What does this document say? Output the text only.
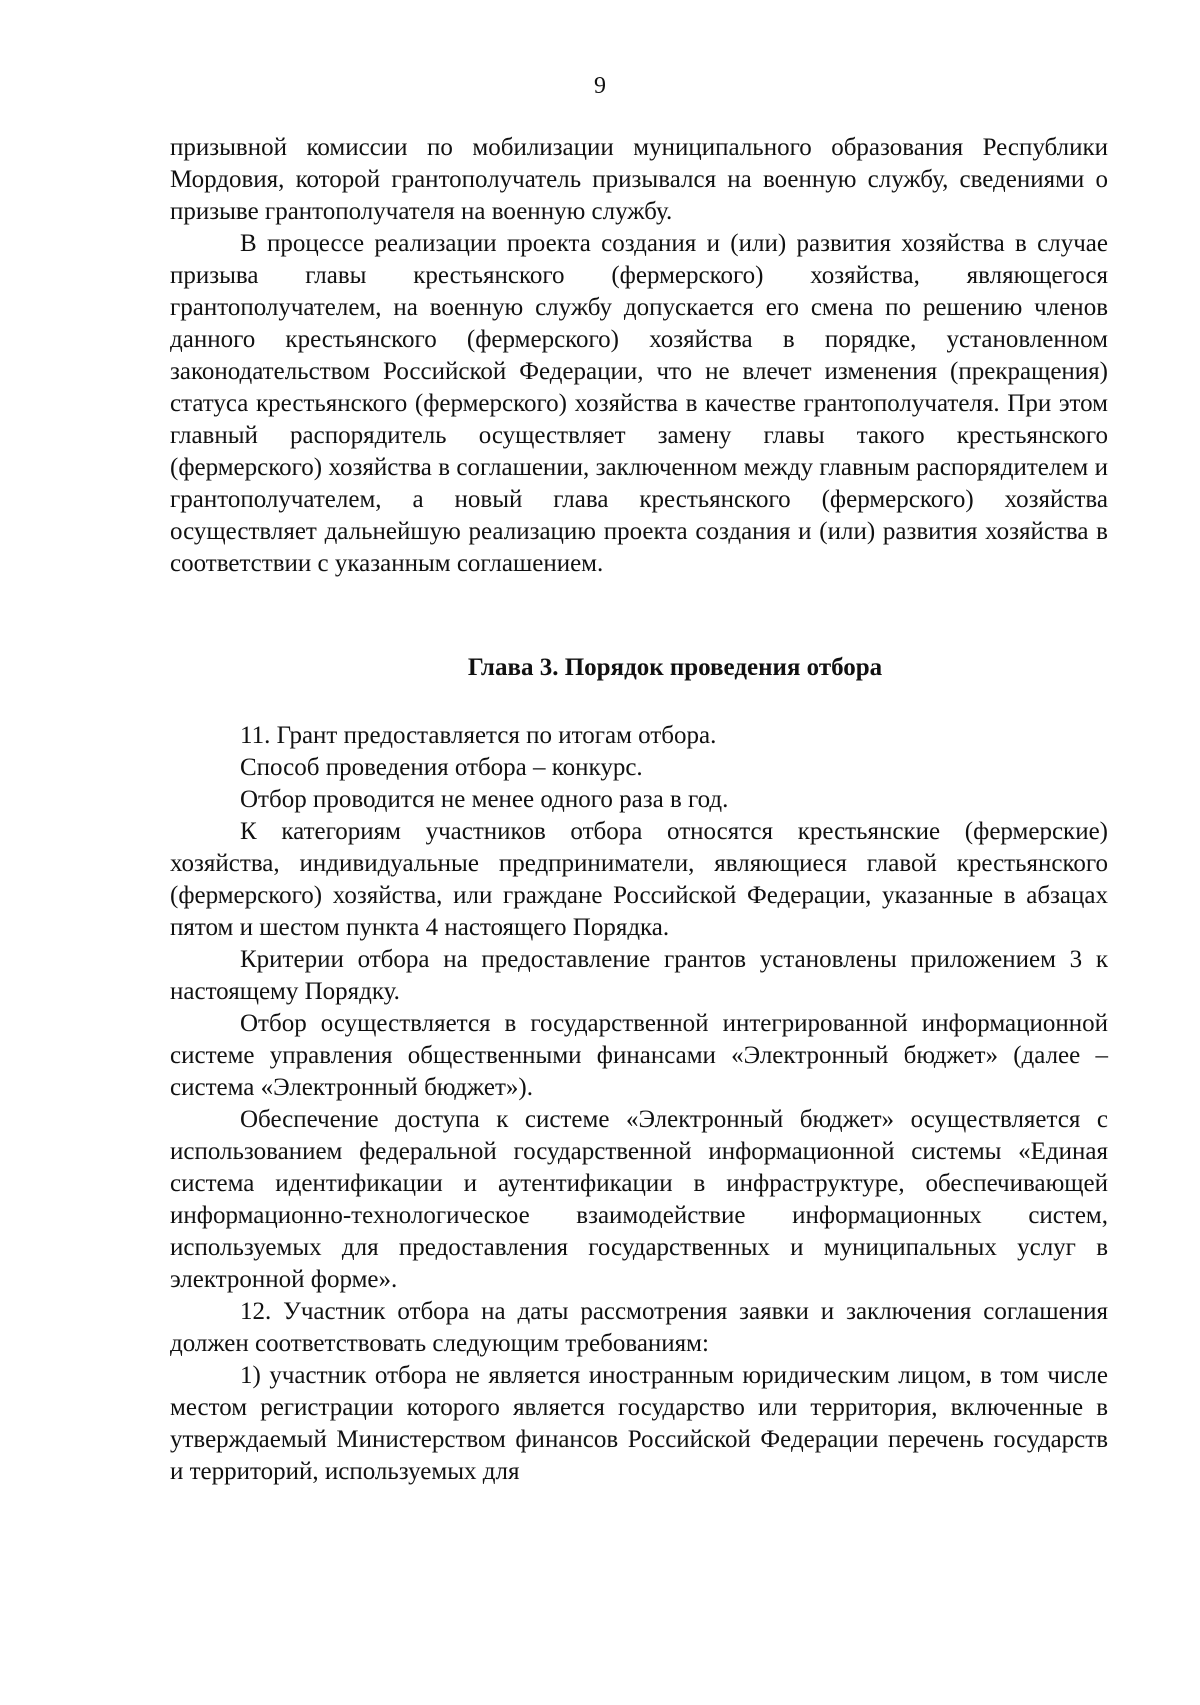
9

призывной комиссии по мобилизации муниципального образования Республики Мордовия, которой грантополучатель призывался на военную службу, сведениями о призыве грантополучателя на военную службу.

В процессе реализации проекта создания и (или) развития хозяйства в случае призыва главы крестьянского (фермерского) хозяйства, являющегося грантополучателем, на военную службу допускается его смена по решению членов данного крестьянского (фермерского) хозяйства в порядке, установленном законодательством Российской Федерации, что не влечет изменения (прекращения) статуса крестьянского (фермерского) хозяйства в качестве грантополучателя. При этом главный распорядитель осуществляет замену главы такого крестьянского (фермерского) хозяйства в соглашении, заключенном между главным распорядителем и грантополучателем, а новый глава крестьянского (фермерского) хозяйства осуществляет дальнейшую реализацию проекта создания и (или) развития хозяйства в соответствии с указанным соглашением.

Глава 3. Порядок проведения отбора

11. Грант предоставляется по итогам отбора.

Способ проведения отбора – конкурс.

Отбор проводится не менее одного раза в год.

К категориям участников отбора относятся крестьянские (фермерские) хозяйства, индивидуальные предприниматели, являющиеся главой крестьянского (фермерского) хозяйства, или граждане Российской Федерации, указанные в абзацах пятом и шестом пункта 4 настоящего Порядка.

Критерии отбора на предоставление грантов установлены приложением 3 к настоящему Порядку.

Отбор осуществляется в государственной интегрированной информационной системе управления общественными финансами «Электронный бюджет» (далее – система «Электронный бюджет»).

Обеспечение доступа к системе «Электронный бюджет» осуществляется с использованием федеральной государственной информационной системы «Единая система идентификации и аутентификации в инфраструктуре, обеспечивающей информационно-технологическое взаимодействие информационных систем, используемых для предоставления государственных и муниципальных услуг в электронной форме».

12. Участник отбора на даты рассмотрения заявки и заключения соглашения должен соответствовать следующим требованиям:

1) участник отбора не является иностранным юридическим лицом, в том числе местом регистрации которого является государство или территория, включенные в утверждаемый Министерством финансов Российской Федерации перечень государств и территорий, используемых для
